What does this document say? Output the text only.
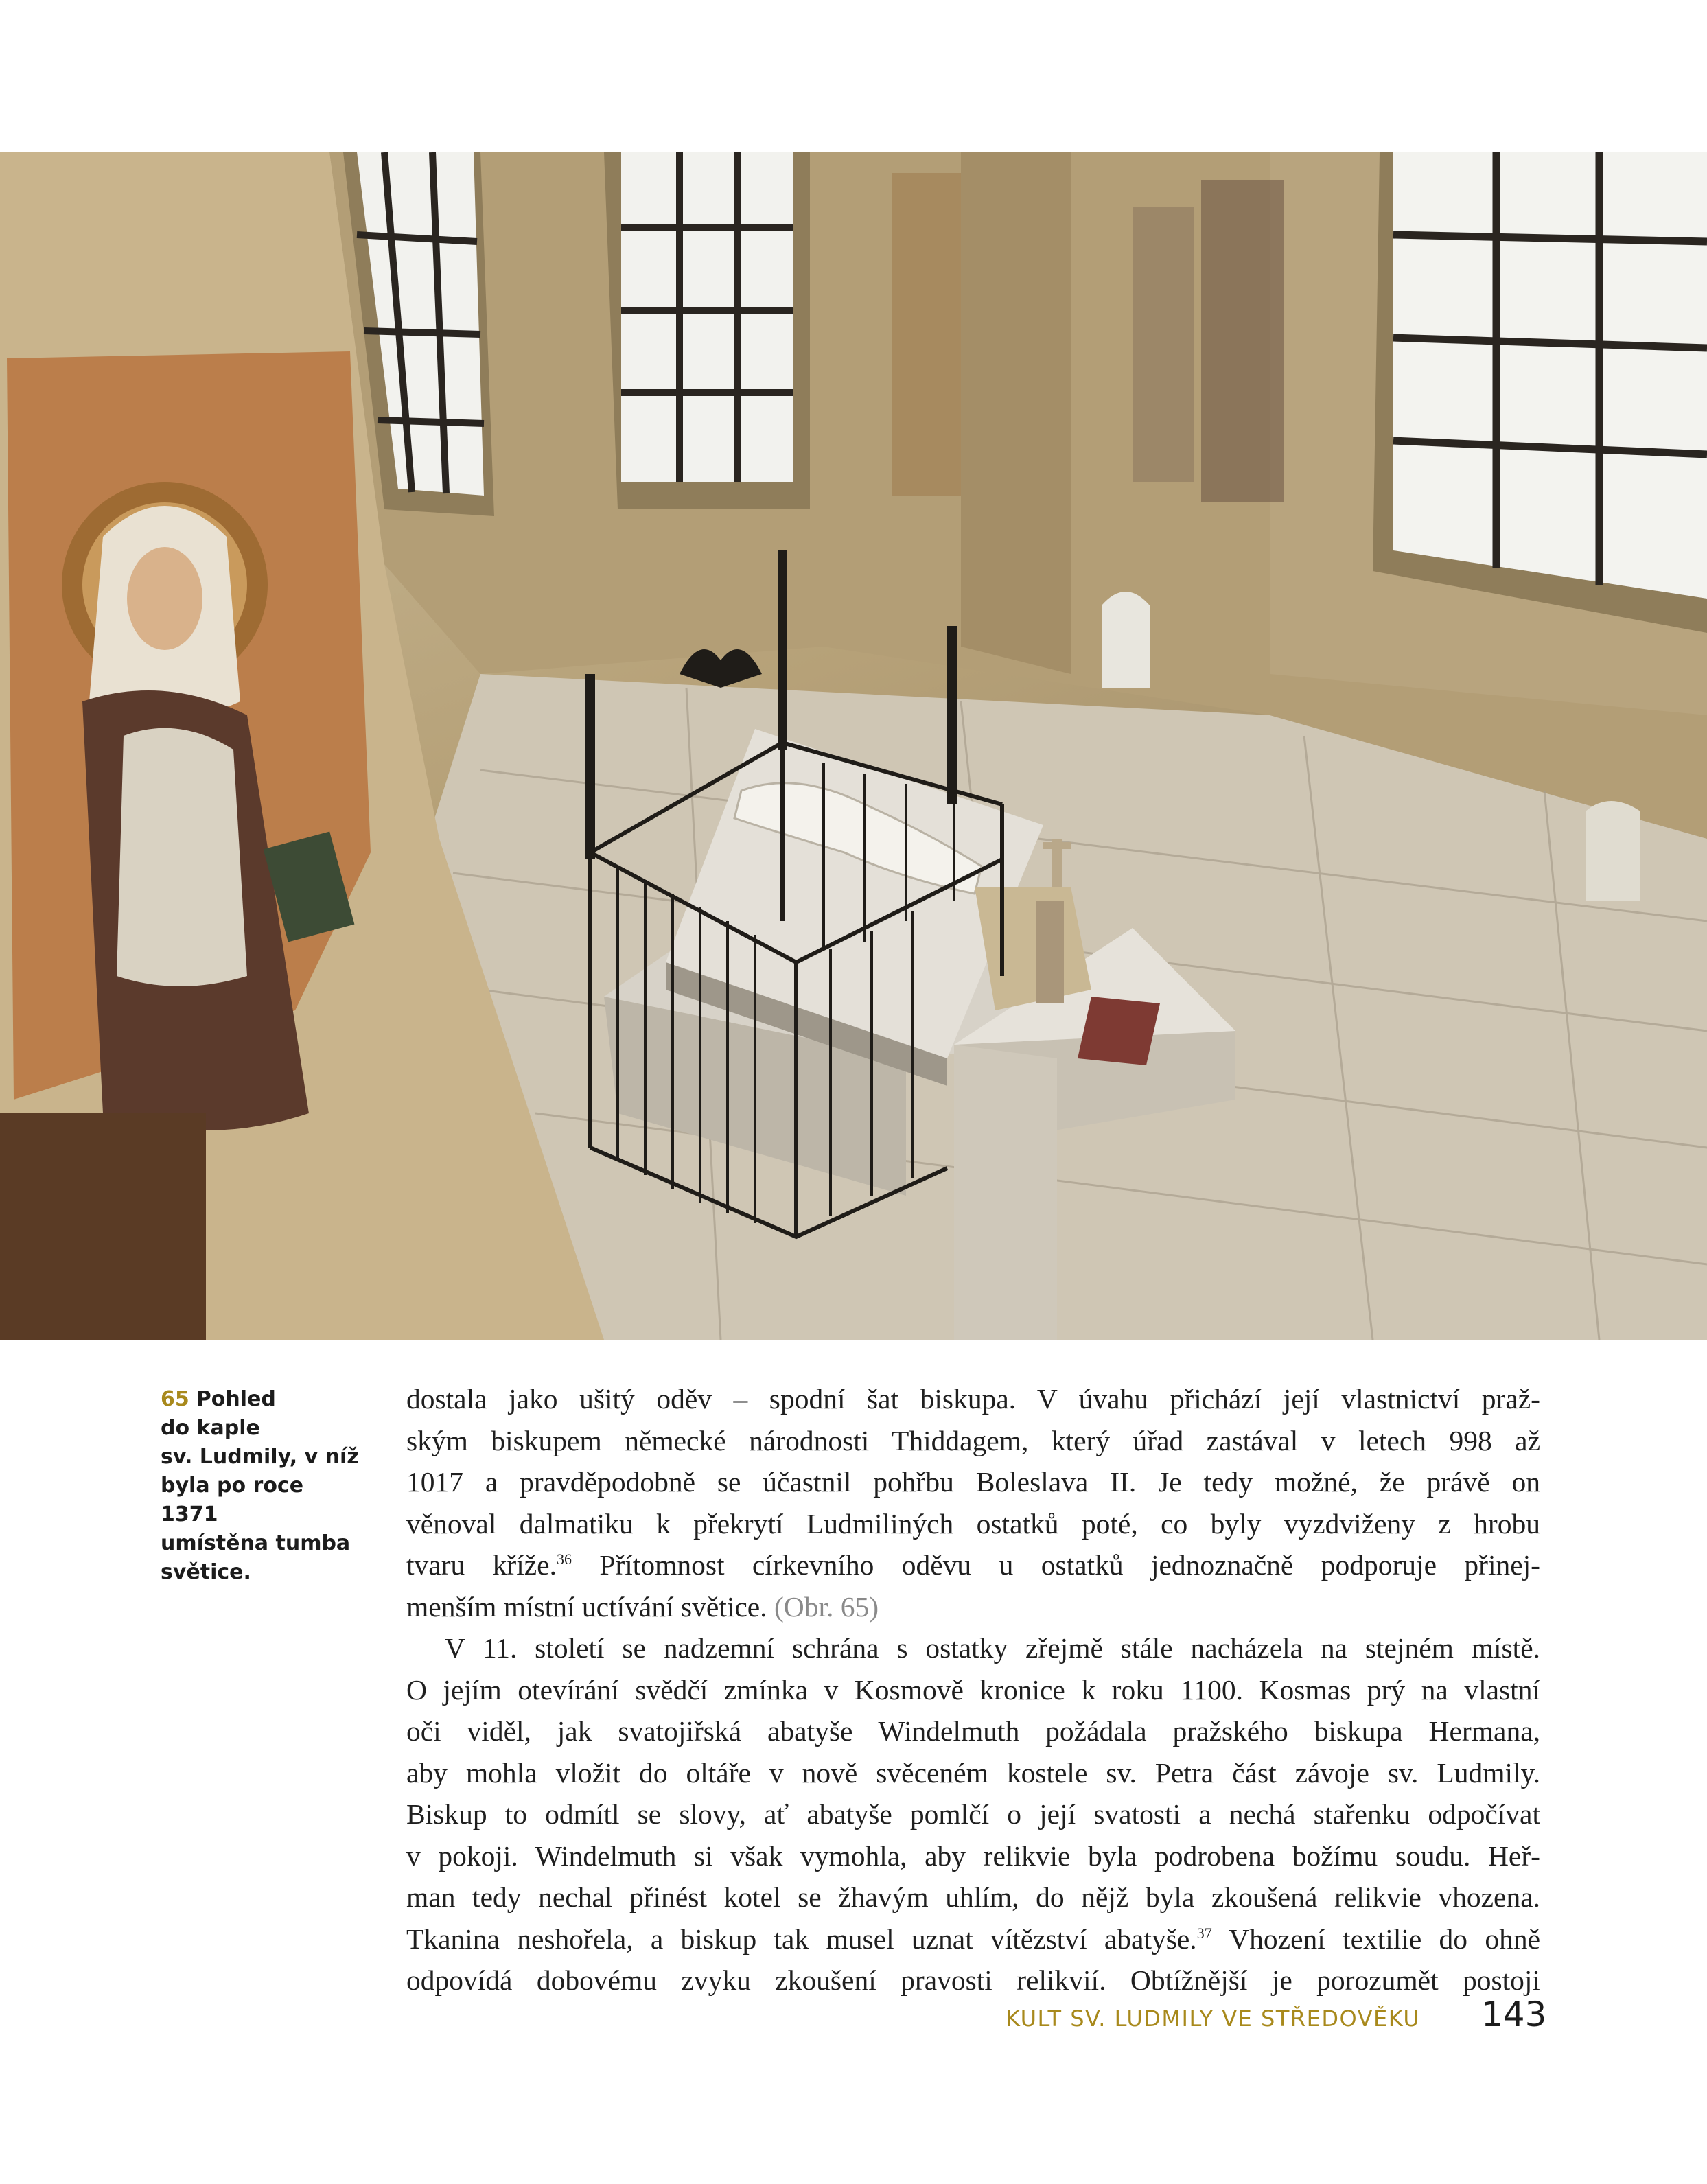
65 Pohled
do kaple
sv. Ludmily, v níž
byla po roce 1371
umístěna tumba
světice.

dostala jako ušitý oděv – spodní šat biskupa. V úvahu přichází její vlastnictví praž-

ským biskupem německé národnosti Thiddagem, který úřad zastával v letech 998 až

1017 a pravděpodobně se účastnil pohřbu Boleslava II. Je tedy možné, že právě on

věnoval dalmatiku k překrytí Ludmiliných ostatků poté, co byly vyzdviženy z hrobu

tvaru kříže.$^{36}$ Přítomnost církevního oděvu u ostatků jednoznačně podporuje přinej-

menším místní uctívání světice. (Obr. 65)

V 11. století se nadzemní schrána s ostatky zřejmě stále nacházela na stejném místě.

O jejím otevírání svědčí zmínka v Kosmově kronice k roku 1100. Kosmas prý na vlastní

oči viděl, jak svatojiřská abatyše Windelmuth požádala pražského biskupa Hermana,

aby mohla vložit do oltáře v nově svěceném kostele sv. Petra část závoje sv. Ludmily.

Biskup to odmítl se slovy, ať abatyše pomlčí o její svatosti a nechá stařenku odpočívat

v pokoji. Windelmuth si však vymohla, aby relikvie byla podrobena božímu soudu. Heř-

man tedy nechal přinést kotel se žhavým uhlím, do nějž byla zkoušená relikvie vhozena.

Tkanina neshořela, a biskup tak musel uznat vítězství abatyše.$^{37}$ Vhození textilie do ohně

odpovídá dobovému zvyku zkoušení pravosti relikvií. Obtížnější je porozumět postoji

KULT SV. LUDMILY VE STŘEDOVĚKU 143
